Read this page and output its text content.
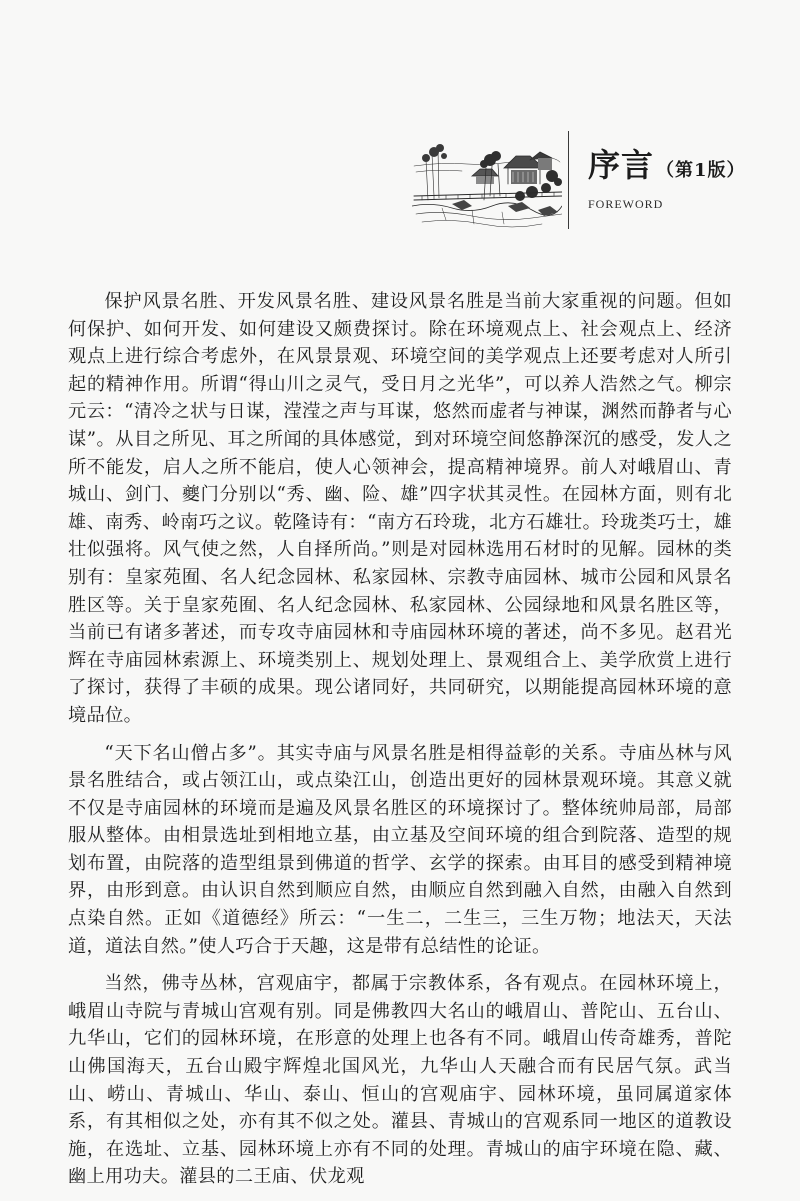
序言 （第1版）
FOREWORD

保护风景名胜、开发风景名胜、建设风景名胜是当前大家重视的问题。但如何保护、如何开发、如何建设又颇费探讨。除在环境观点上、社会观点上、经济观点上进行综合考虑外，在风景景观、环境空间的美学观点上还要考虑对人所引起的精神作用。所谓“得山川之灵气，受日月之光华”，可以养人浩然之气。柳宗元云：“清冷之状与日谋，滢滢之声与耳谋，悠然而虚者与神谋，渊然而静者与心谋”。从目之所见、耳之所闻的具体感觉，到对环境空间悠静深沉的感受，发人之所不能发，启人之所不能启，使人心领神会，提高精神境界。前人对峨眉山、青城山、剑门、夔门分别以“秀、幽、险、雄”四字状其灵性。在园林方面，则有北雄、南秀、岭南巧之议。乾隆诗有：“南方石玲珑，北方石雄壮。玲珑类巧士，雄壮似强将。风气使之然，人自择所尚。”则是对园林选用石材时的见解。园林的类别有：皇家苑囿、名人纪念园林、私家园林、宗教寺庙园林、城市公园和风景名胜区等。关于皇家苑囿、名人纪念园林、私家园林、公园绿地和风景名胜区等，当前已有诸多著述，而专攻寺庙园林和寺庙园林环境的著述，尚不多见。赵君光辉在寺庙园林索源上、环境类别上、规划处理上、景观组合上、美学欣赏上进行了探讨，获得了丰硕的成果。现公诸同好，共同研究，以期能提高园林环境的意境品位。

“天下名山僧占多”。其实寺庙与风景名胜是相得益彰的关系。寺庙丛林与风景名胜结合，或占领江山，或点染江山，创造出更好的园林景观环境。其意义就不仅是寺庙园林的环境而是遍及风景名胜区的环境探讨了。整体统帅局部，局部服从整体。由相景选址到相地立基，由立基及空间环境的组合到院落、造型的规划布置，由院落的造型组景到佛道的哲学、玄学的探索。由耳目的感受到精神境界，由形到意。由认识自然到顺应自然，由顺应自然到融入自然，由融入自然到点染自然。正如《道德经》所云：“一生二，二生三，三生万物；地法天，天法道，道法自然。”使人巧合于天趣，这是带有总结性的论证。

当然，佛寺丛林，宫观庙宇，都属于宗教体系，各有观点。在园林环境上，峨眉山寺院与青城山宫观有别。同是佛教四大名山的峨眉山、普陀山、五台山、九华山，它们的园林环境，在形意的处理上也各有不同。峨眉山传奇雄秀，普陀山佛国海天，五台山殿宇辉煌北国风光，九华山人天融合而有民居气氛。武当山、崂山、青城山、华山、泰山、恒山的宫观庙宇、园林环境，虽同属道家体系，有其相似之处，亦有其不似之处。灌县、青城山的宫观系同一地区的道教设施，在选址、立基、园林环境上亦有不同的处理。青城山的庙宇环境在隐、藏、幽上用功夫。灌县的二王庙、伏龙观
